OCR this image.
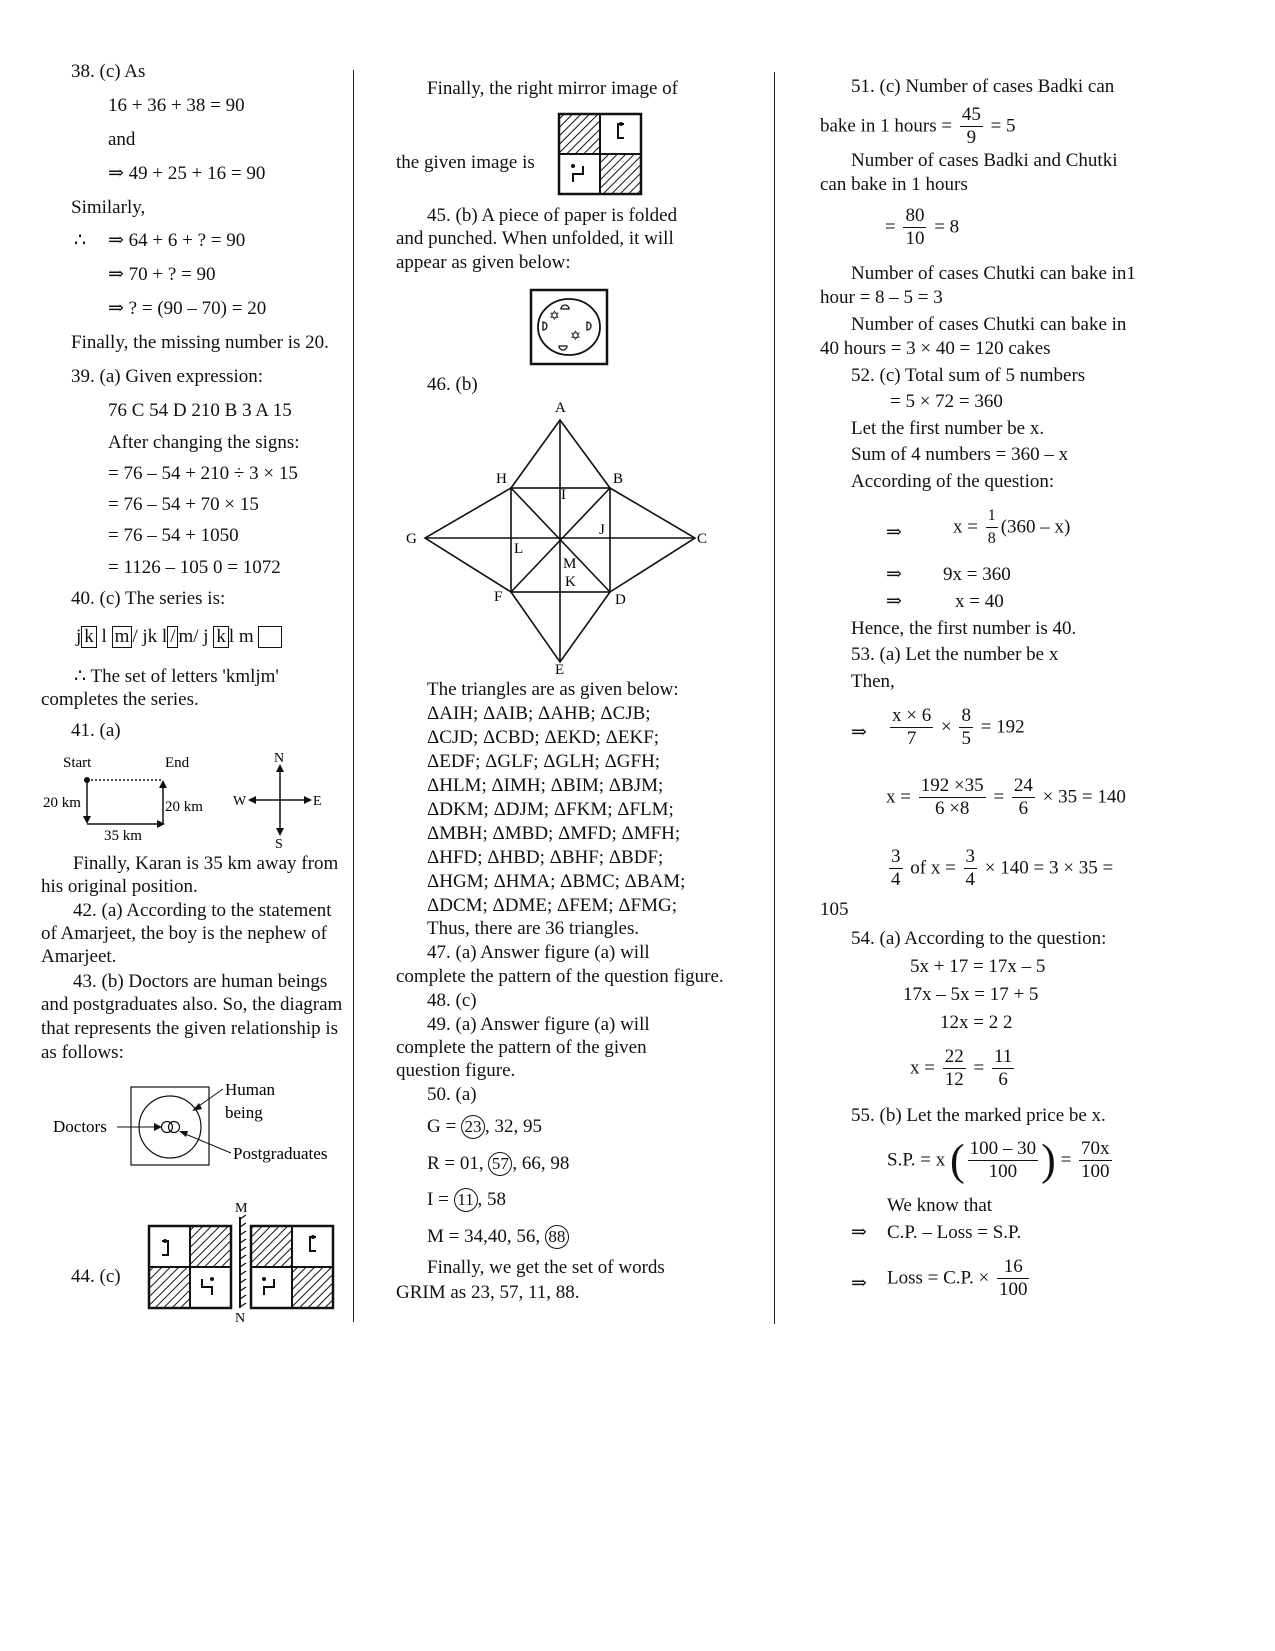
38. (c) As
16 + 36 + 38 = 90
and
⇒ 49 + 25 + 16 = 90
Similarly,
∴ ⇒ 64 + 6 + ? = 90
⇒ 70 + ? = 90
⇒ ? = (90 – 70) = 20
Finally, the missing number is 20.
39. (a) Given expression:
76 C 54 D 210 B 3 A 15
After changing the signs:
= 76 – 54 + 210 ÷ 3 × 15
= 76 – 54 + 70 × 15
= 76 – 54 + 1050
= 1126 – 105 0 = 1072
40. (c) The series is:
j k l m / jk l / m/ j k l m
∴ The set of letters 'kmljm'
completes the series.
41. (a)
Start	End
20 km	20 km
35 km
N
S
W	E
Finally, Karan is 35 km away from
his original position.
42. (a) According to the statement
of Amarjeet, the boy is the nephew of
Amarjeet.
43. (b) Doctors are human beings
and postgraduates also. So, the diagram
that represents the given relationship is
as follows:
Doctors
Human
being
Postgraduates
44. (c)
M
N
Finally, the right mirror image of
the given image is
45. (b) A piece of paper is folded
and punched. When unfolded, it will
appear as given below:
✡
✡
46. (b)
A
B
C
D
E
F
G
H
I
J
K
L
M
The triangles are as given below:
ΔAIH; ΔAIB; ΔAHB; ΔCJB;
ΔCJD; ΔCBD; ΔEKD; ΔEKF;
ΔEDF; ΔGLF; ΔGLH; ΔGFH;
ΔHLM; ΔIMH; ΔBIM; ΔBJM;
ΔDKM; ΔDJM; ΔFKM; ΔFLM;
ΔMBH; ΔMBD; ΔMFD; ΔMFH;
ΔHFD; ΔHBD; ΔBHF; ΔBDF;
ΔHGM; ΔHMA; ΔBMC; ΔBAM;
ΔDCM; ΔDME; ΔFEM; ΔFMG;
Thus, there are 36 triangles.
47. (a) Answer figure (a) will
complete the pattern of the question figure.
48. (c)
49. (a) Answer figure (a) will
complete the pattern of the given
question figure.
50. (a)
G = 23 , 32, 95
R = 01, 57 , 66, 98
I = 11 , 58
M = 34,40, 56, 88
Finally, we get the set of words
GRIM as 23, 57, 11, 88.
51. (c) Number of cases Badki can
bake in 1 hours = $\frac{45}{9} = 5$
Number of cases Badki and Chutki
can bake in 1 hours
= $\frac{80}{10} = 8$
Number of cases Chutki can bake in1
hour = 8 – 5 = 3
Number of cases Chutki can bake in
40 hours = 3 × 40 = 120 cakes
52. (c) Total sum of 5 numbers
= 5 × 72 = 360
Let the first number be x.
Sum of 4 numbers = 360 – x
According of the question:
⇒	$x = \frac{1}{8} (360 - x)$
⇒ 9x = 360
⇒	x = 40
Hence, the first number is 40.
53. (a) Let the number be x
Then,
⇒ $\frac{x \times 6}{7} \times \frac{8}{5} = 192$
$x = \frac{192 \times 35}{6 \times 8} = \frac{24}{6} \times 35 = 140$
$\frac{3}{4}$ of $x = \frac{3}{4} \times 140 = 3 \times 35$ =
105
54. (a) According to the question:
5x + 17 = 17x – 5
17x – 5x = 17 + 5
12x = 2 2
$x = \frac{22}{12} = \frac{11}{6}$
55. (b) Let the marked price be x.
S.P. = x ( $\frac{100 - 30}{100}$ ) = $\frac{70x}{100}$
We know that
⇒ C.P. – Loss = S.P.
⇒ Loss = C.P. × $\frac{16}{100}$
